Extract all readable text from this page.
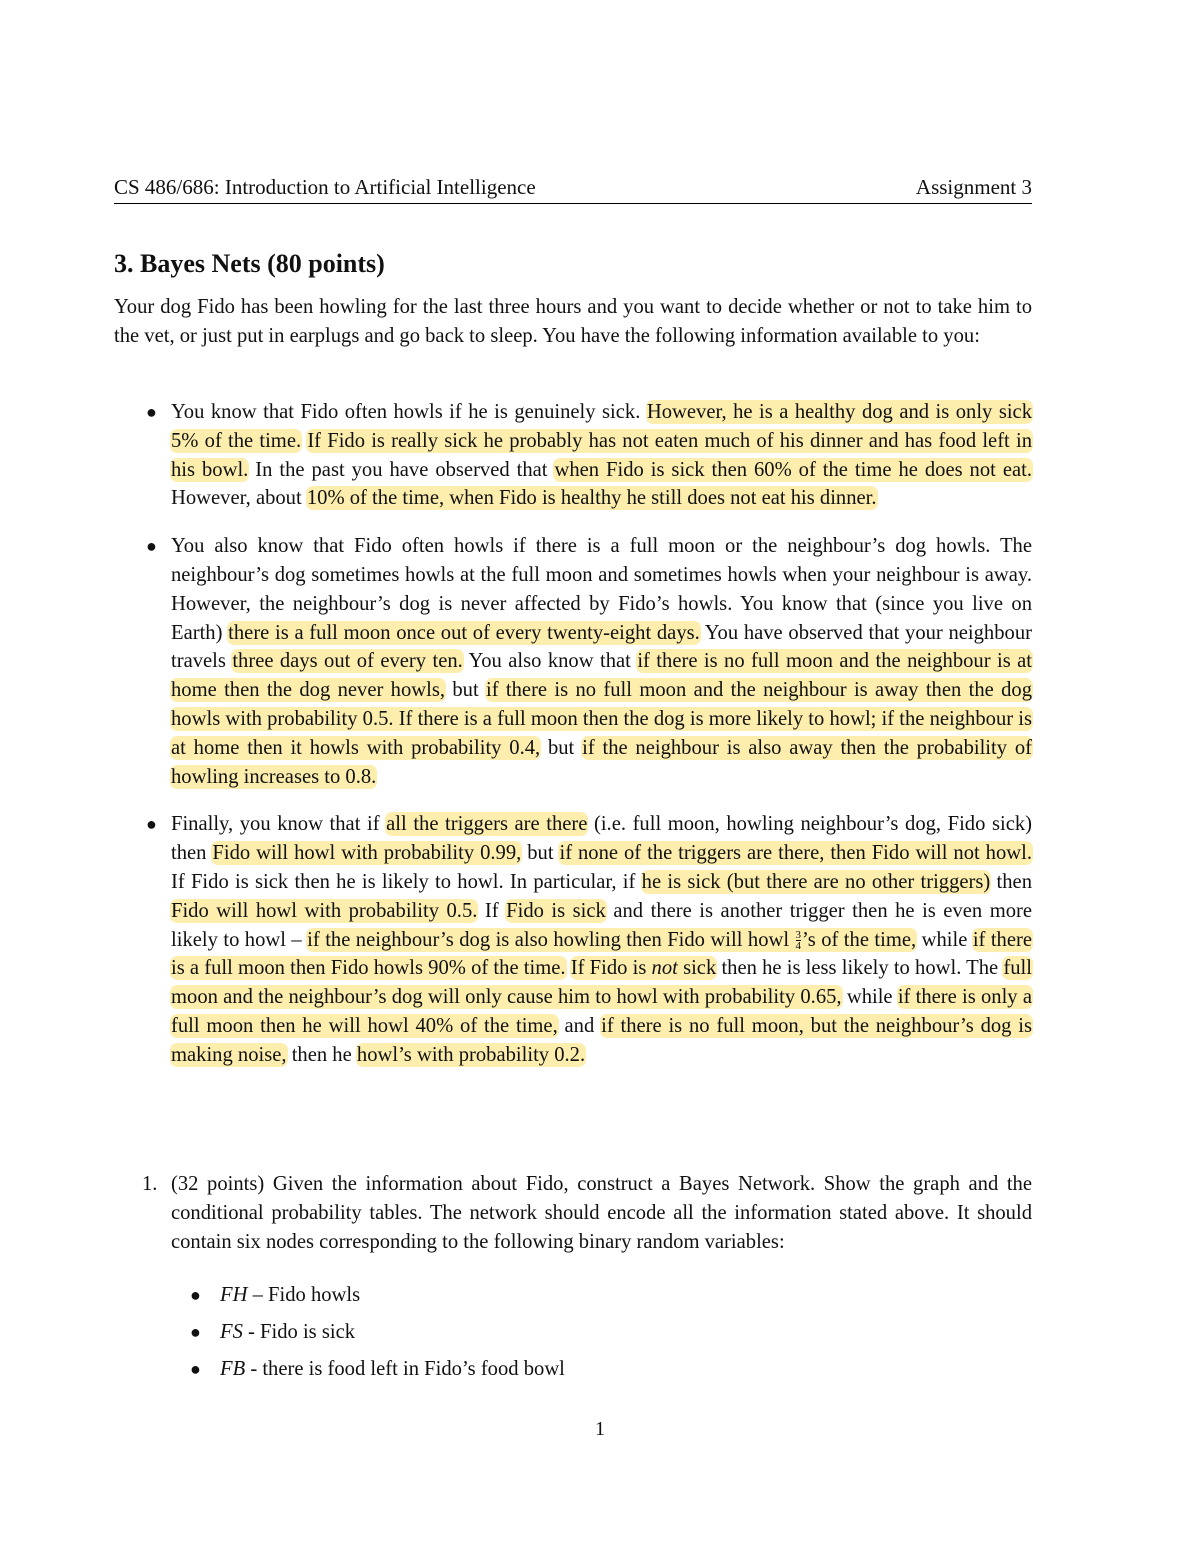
CS 486/686: Introduction to Artificial Intelligence	Assignment 3
3. Bayes Nets (80 points)

Your dog Fido has been howling for the last three hours and you want to decide whether or not to take him to the vet, or just put in earplugs and go back to sleep. You have the following information available to you:

● You know that Fido often howls if he is genuinely sick. However, he is a healthy dog and is only sick 5% of the time. If Fido is really sick he probably has not eaten much of his dinner and has food left in his bowl. In the past you have observed that when Fido is sick then 60% of the time he does not eat. However, about 10% of the time, when Fido is healthy he still does not eat his dinner.
● You also know that Fido often howls if there is a full moon or the neighbour’s dog howls. The neighbour’s dog sometimes howls at the full moon and sometimes howls when your neighbour is away. However, the neighbour’s dog is never affected by Fido’s howls. You know that (since you live on Earth) there is a full moon once out of every twenty-eight days. You have observed that your neighbour travels three days out of every ten. You also know that if there is no full moon and the neighbour is at home then the dog never howls, but if there is no full moon and the neighbour is away then the dog howls with probability 0.5. If there is a full moon then the dog is more likely to howl; if the neighbour is at home then it howls with probability 0.4, but if the neighbour is also away then the probability of howling increases to 0.8.
● Finally, you know that if all the triggers are there (i.e. full moon, howling neighbour’s dog, Fido sick) then Fido will howl with probability 0.99, but if none of the triggers are there, then Fido will not howl. If Fido is sick then he is likely to howl. In particular, if he is sick (but there are no other triggers) then Fido will howl with probability 0.5. If Fido is sick and there is another trigger then he is even more likely to howl – if the neighbour’s dog is also howling then Fido will howl $\frac{3}{4}$ ’s of the time, while if there is a full moon then Fido howls 90% of the time. If Fido is not sick then he is less likely to howl. The full moon and the neighbour’s dog will only cause him to howl with probability 0.65, while if there is only a full moon then he will howl 40% of the time, and if there is no full moon, but the neighbour’s dog is making noise, then he howl’s with probability 0.2.
1. (32 points) Given the information about Fido, construct a Bayes Network. Show the graph and the conditional probability tables. The network should encode all the information stated above. It should contain six nodes corresponding to the following binary random variables:
● FH – Fido howls
● FS - Fido is sick
● FB - there is food left in Fido’s food bowl
1
